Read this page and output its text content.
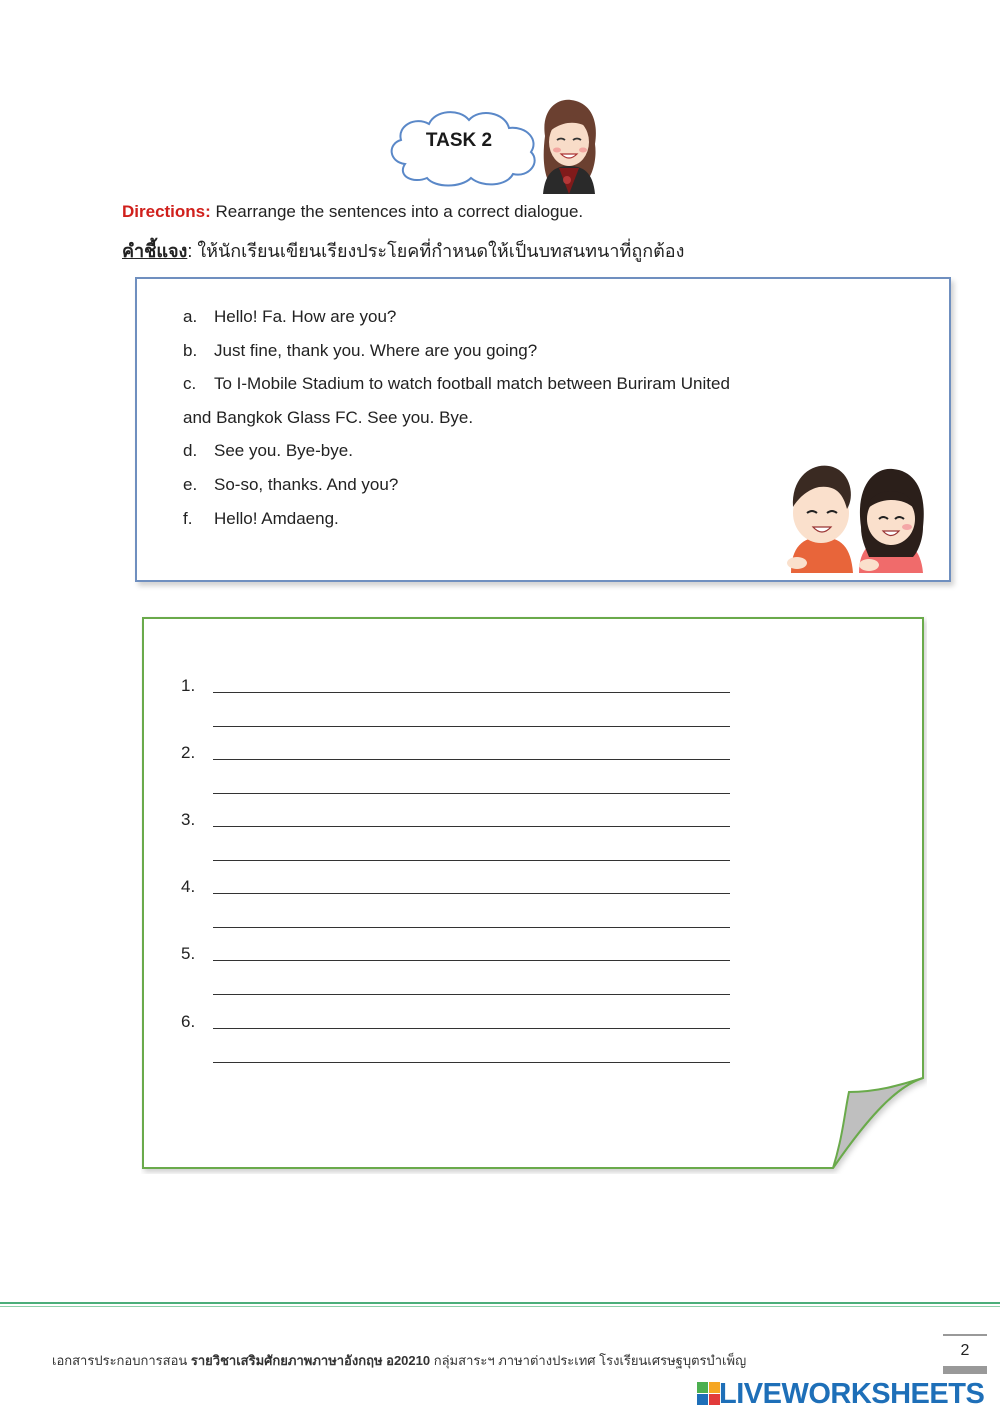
TASK 2
Directions: Rearrange the sentences into a correct dialogue.
คำชี้แจง: ให้นักเรียนเขียนเรียงประโยคที่กำหนดให้เป็นบทสนทนาที่ถูกต้อง
a. Hello! Fa. How are you?
b. Just fine, thank you. Where are you going?
c. To I-Mobile Stadium to watch football match between Buriram United
and Bangkok Glass FC. See you. Bye.
d. See you. Bye-bye.
e. So-so, thanks. And you?
f. Hello! Amdaeng.
1.
2.
3.
4.
5.
6.
เอกสารประกอบการสอน รายวิชาเสริมศักยภาพภาษาอังกฤษ อ20210 กลุ่มสาระฯ ภาษาต่างประเทศ โรงเรียนเศรษฐบุตรบำเพ็ญ
2
LIVEWORKSHEETS
